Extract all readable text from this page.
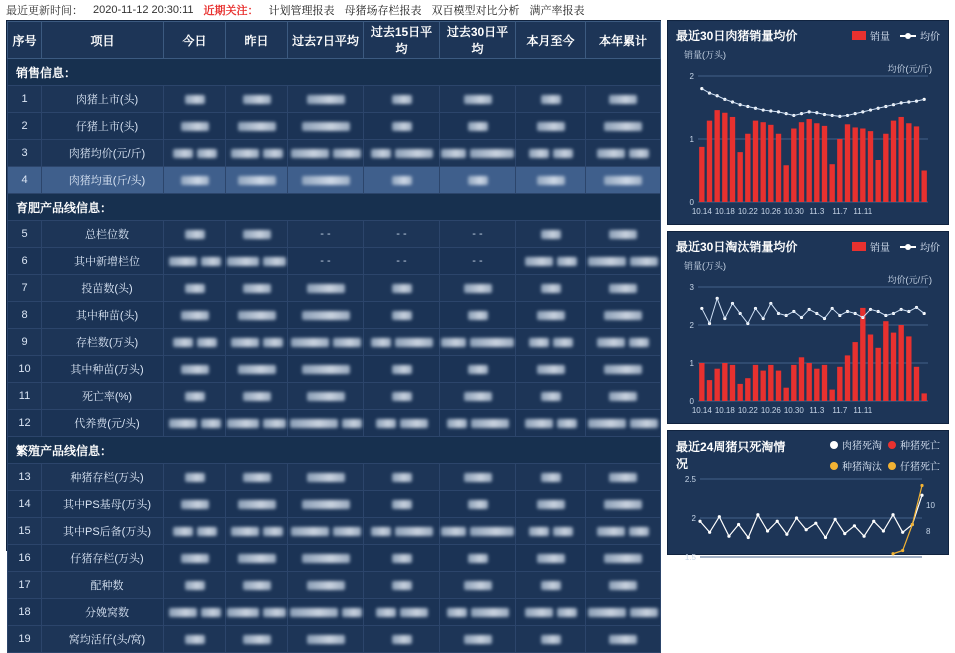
最近更新时间： 2020-11-12 20:30:11 近期关注： 计划管理报表 母猪场存栏报表 双百模型对比分析 满产率报表
序号	项目	今日	昨日	过去7日平均	过去15日平均	过去30日平均	本月至今	本年累计
销售信息：								
1	肉猪上市(头)	

2	仔猪上市(头)	

3	肉猪均价(元/斤)	

4	肉猪均重(斤/头)	

育肥产品线信息：								
5	总栏位数			- -	- -	- -	

6	其中新增栏位			- -	- -	- -	

7	投苗数(头)	

8	其中种苗(头)	

9	存栏数(万头)	

10	其中种苗(万头)	

11	死亡率(%)	

12	代养费(元/头)	

繁殖产品线信息：								
13	种猪存栏(万头)	

14	其中PS基母(万头)	

15	其中PS后备(万头)	

16	仔猪存栏(万头)	

17	配种数	

18	分娩窝数	

19	窝均活仔(头/窝)	

最近30日肉猪销量均价	销量	均价
销量(万头)
均价(元/斤)
0
1
2
10.14 10.18 10.22 10.26 10.30 11.3 11.7 11.11
最近30日淘汰销量均价	销量	均价
销量(万头)
均价(元/斤)
0
1
2
3
10.14 10.18 10.22 10.26 10.30 11.3 11.7 11.11
最近24周猪只死淘情况
肉猪死淘 种猪死亡
种猪淘汰 仔猪死亡
1.5
2
2.5
8
10
